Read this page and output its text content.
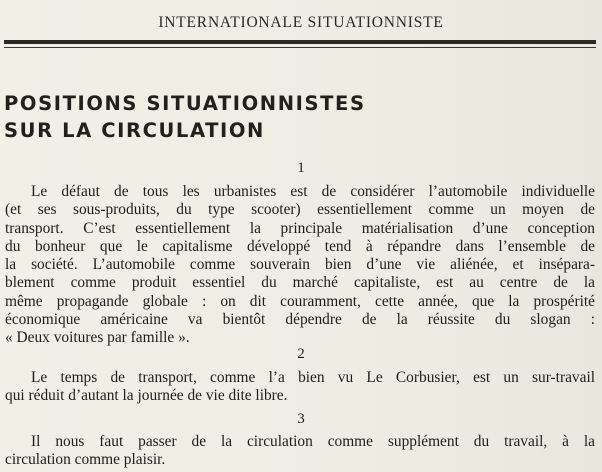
INTERNATIONALE SITUATIONNISTE
POSITIONS SITUATIONNISTES
SUR LA CIRCULATION
1
Le défaut de tous les urbanistes est de considérer l’automobile individuelle
(et ses sous-produits, du type scooter) essentiellement comme un moyen de
transport. C’est essentiellement la principale matérialisation d’une conception
du bonheur que le capitalisme développé tend à répandre dans l’ensemble de
la société. L’automobile comme souverain bien d’une vie aliénée, et insépara-
blement comme produit essentiel du marché capitaliste, est au centre de la
même propagande globale : on dit couramment, cette année, que la prospérité
économique américaine va bientôt dépendre de la réussite du slogan :
« Deux voitures par famille ».
2
Le temps de transport, comme l’a bien vu Le Corbusier, est un sur-travail
qui réduit d’autant la journée de vie dite libre.
3
Il nous faut passer de la circulation comme supplément du travail, à la
circulation comme plaisir.
